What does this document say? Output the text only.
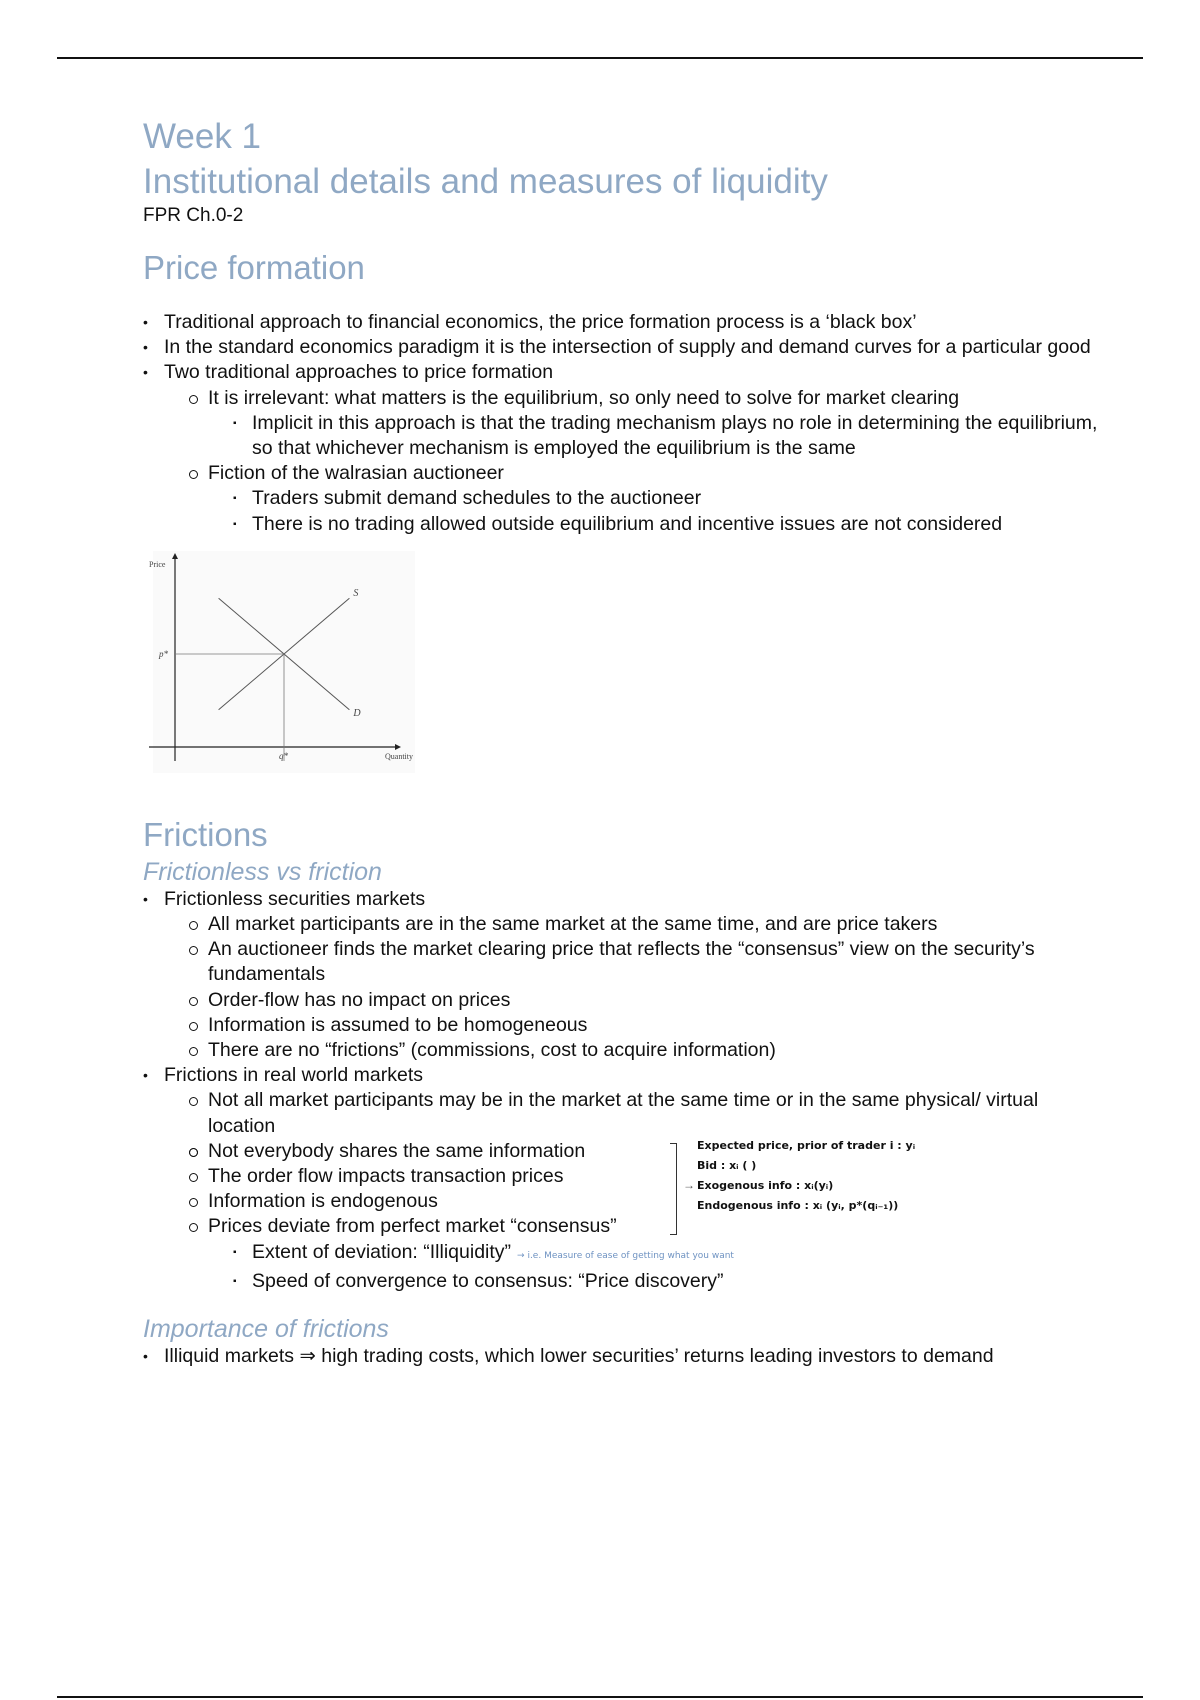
Week 1
Institutional details and measures of liquidity

FPR Ch.0-2

Price formation
• Traditional approach to financial economics, the price formation process is a ‘black box’
• In the standard economics paradigm it is the intersection of supply and demand curves for a particular good
• Two traditional approaches to price formation
It is irrelevant: what matters is the equilibrium, so only need to solve for market clearing
▪ Implicit in this approach is that the trading mechanism plays no role in determining the equilibrium, so that whichever mechanism is employed the equilibrium is the same
Fiction of the walrasian auctioneer
▪ Traders submit demand schedules to the auctioneer
▪ There is no trading allowed outside equilibrium and incentive issues are not considered
S
D
p*
q*
Price
Quantity
Frictions
Frictionless vs friction
• Frictionless securities markets
All market participants are in the same market at the same time, and are price takers
An auctioneer finds the market clearing price that reflects the “consensus” view on the security’s fundamentals
Order-flow has no impact on prices
Information is assumed to be homogeneous
There are no “frictions” (commissions, cost to acquire information)
• Frictions in real world markets
Not all market participants may be in the market at the same time or in the same physical/ virtual location
Not everybody shares the same information
The order flow impacts transaction prices
Information is endogenous
→
Expected price, prior of trader i : yᵢ
Bid : xᵢ ( )
Exogenous info : xᵢ(yᵢ)
Endogenous info : xᵢ (yᵢ, p*(qᵢ₋₁))
Prices deviate from perfect market “consensus”
▪ Extent of deviation: “Illiquidity” → i.e. Measure of ease of getting what you want
▪ Speed of convergence to consensus: “Price discovery”
Importance of frictions
• Illiquid markets ⇒ high trading costs, which lower securities’ returns leading investors to demand
